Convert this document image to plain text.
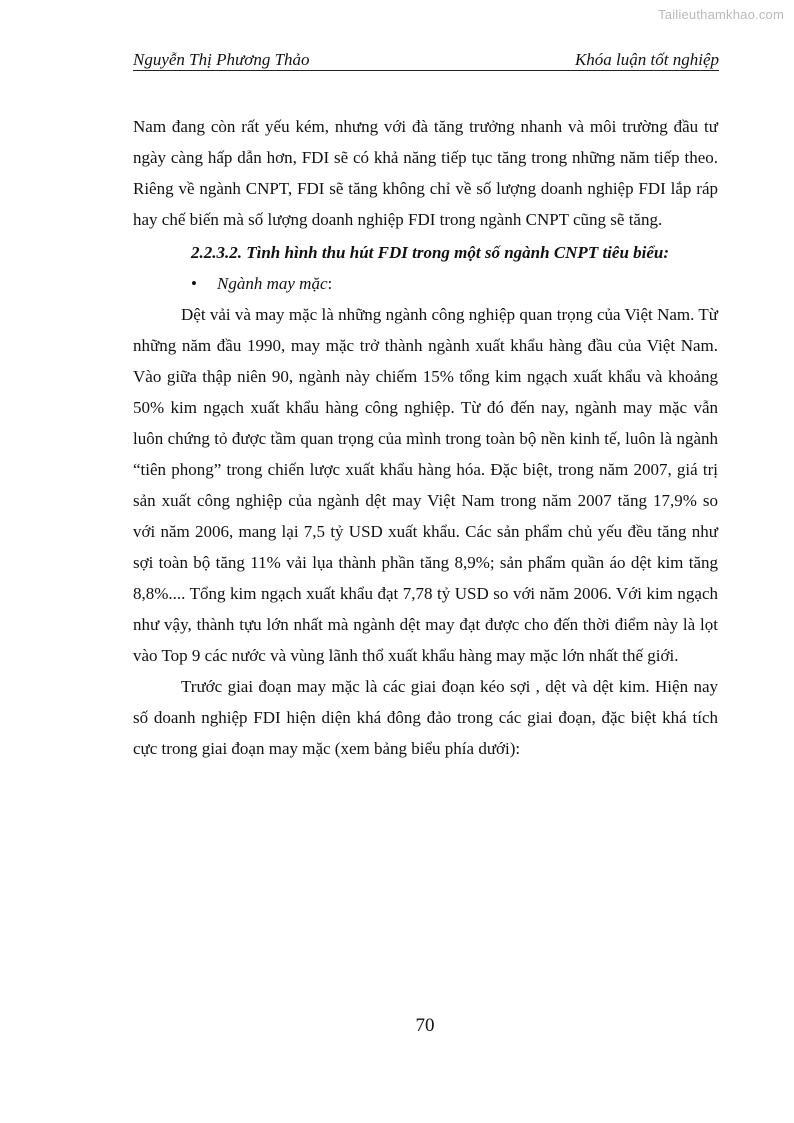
Tailieuthamkhao.com
Nguyễn Thị Phương Thảo	Khóa luận tốt nghiệp

Nam đang còn rất yếu kém, nhưng với đà tăng trưởng nhanh và môi trường đầu tư ngày càng hấp dẫn hơn, FDI sẽ có khả năng tiếp tục tăng trong những năm tiếp theo. Riêng về ngành CNPT, FDI sẽ tăng không chỉ về số lượng doanh nghiệp FDI lắp ráp hay chế biến mà số lượng doanh nghiệp FDI trong ngành CNPT cũng sẽ tăng.

2.2.3.2. Tình hình thu hút FDI trong một số ngành CNPT tiêu biểu:

• Ngành may mặc:

Dệt vải và may mặc là những ngành công nghiệp quan trọng của Việt Nam. Từ những năm đầu 1990, may mặc trở thành ngành xuất khẩu hàng đầu của Việt Nam. Vào giữa thập niên 90, ngành này chiếm 15% tổng kim ngạch xuất khẩu và khoảng 50% kim ngạch xuất khẩu hàng công nghiệp. Từ đó đến nay, ngành may mặc vẫn luôn chứng tỏ được tầm quan trọng của mình trong toàn bộ nền kinh tế, luôn là ngành “tiên phong” trong chiến lược xuất khẩu hàng hóa. Đặc biệt, trong năm 2007, giá trị sản xuất công nghiệp của ngành dệt may Việt Nam trong năm 2007 tăng 17,9% so với năm 2006, mang lại 7,5 tỷ USD xuất khẩu. Các sản phẩm chủ yếu đều tăng như sợi toàn bộ tăng 11% vải lụa thành phần tăng 8,9%; sản phẩm quần áo dệt kim tăng 8,8%.... Tổng kim ngạch xuất khẩu đạt 7,78 tỷ USD so với năm 2006. Với kim ngạch như vậy, thành tựu lớn nhất mà ngành dệt may đạt được cho đến thời điểm này là lọt vào Top 9 các nước và vùng lãnh thổ xuất khẩu hàng may mặc lớn nhất thế giới.

Trước giai đoạn may mặc là các giai đoạn kéo sợi , dệt và dệt kim. Hiện nay số doanh nghiệp FDI hiện diện khá đông đảo trong các giai đoạn, đặc biệt khá tích cực trong giai đoạn may mặc (xem bảng biểu phía dưới):

70
